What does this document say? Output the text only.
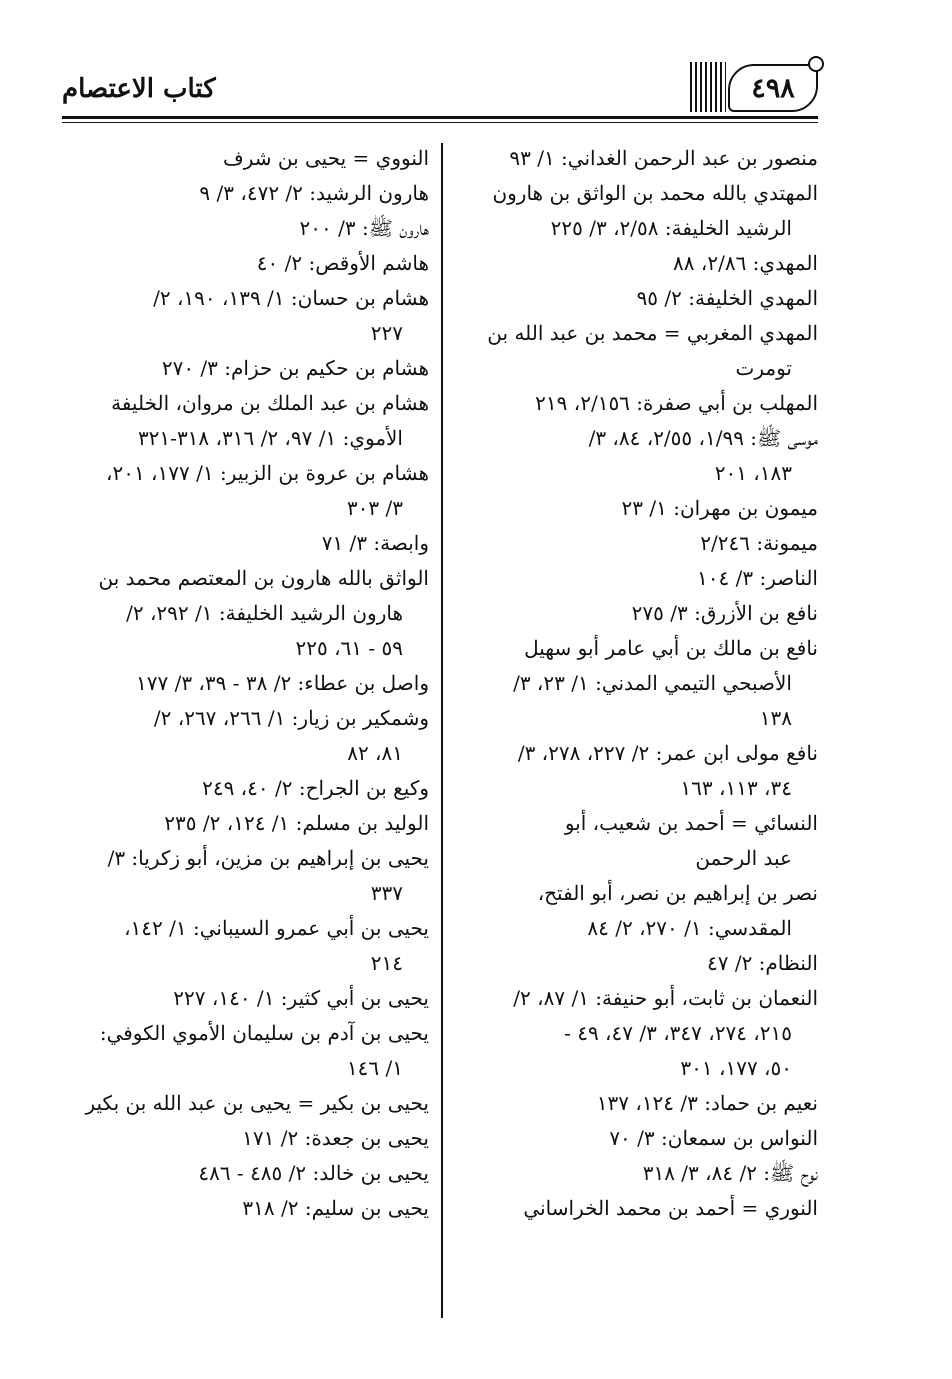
كتاب الاعتصام	٤٩٨
منصور بن عبد الرحمن الغداني: ١/ ٩٣
المهتدي بالله محمد بن الواثق بن هارون
الرشيد الخليفة: ٢/٥٨، ٣/ ٢٢٥
المهدي: ٢/٨٦، ٨٨
المهدي الخليفة: ٢/ ٩٥
المهدي المغربي = محمد بن عبد الله بن
تومرت
المهلب بن أبي صفرة: ٢/١٥٦، ٢١٩
موسى ﷺ: ١/٩٩، ٢/٥٥، ٨٤، ٣/
١٨٣، ٢٠١
ميمون بن مهران: ١/ ٢٣
ميمونة: ٢/٢٤٦
الناصر: ٣/ ١٠٤
نافع بن الأزرق: ٣/ ٢٧٥
نافع بن مالك بن أبي عامر أبو سهيل
الأصبحي التيمي المدني: ١/ ٢٣، ٣/
١٣٨
نافع مولى ابن عمر: ٢/ ٢٢٧، ٢٧٨، ٣/
٣٤، ١١٣، ١٦٣
النسائي = أحمد بن شعيب، أبو
عبد الرحمن
نصر بن إبراهيم بن نصر، أبو الفتح،
المقدسي: ١/ ٢٧٠، ٢/ ٨٤
النظام: ٢/ ٤٧
النعمان بن ثابت، أبو حنيفة: ١/ ٨٧، ٢/
٢١٥، ٢٧٤، ٣٤٧، ٣/ ٤٧، ٤٩ -
٥٠، ١٧٧، ٣٠١
نعيم بن حماد: ٣/ ١٢٤، ١٣٧
النواس بن سمعان: ٣/ ٧٠
نوح ﷺ: ٢/ ٨٤، ٣/ ٣١٨
النوري = أحمد بن محمد الخراساني
النووي = يحيى بن شرف
هارون الرشيد: ٢/ ٤٧٢، ٣/ ٩
هارون ﷺ: ٣/ ٢٠٠
هاشم الأوقص: ٢/ ٤٠
هشام بن حسان: ١/ ١٣٩، ١٩٠، ٢/
٢٢٧
هشام بن حكيم بن حزام: ٣/ ٢٧٠
هشام بن عبد الملك بن مروان، الخليفة
الأموي: ١/ ٩٧، ٢/ ٣١٦، ٣١٨-٣٢١
هشام بن عروة بن الزبير: ١/ ١٧٧، ٢٠١،
٣/ ٣٠٣
وابصة: ٣/ ٧١
الواثق بالله هارون بن المعتصم محمد بن
هارون الرشيد الخليفة: ١/ ٢٩٢، ٢/
٥٩ - ٦١، ٢٢٥
واصل بن عطاء: ٢/ ٣٨ - ٣٩، ٣/ ١٧٧
وشمكير بن زيار: ١/ ٢٦٦، ٢٦٧، ٢/
٨١، ٨٢
وكيع بن الجراح: ٢/ ٤٠، ٢٤٩
الوليد بن مسلم: ١/ ١٢٤، ٢/ ٢٣٥
يحيى بن إبراهيم بن مزين، أبو زكريا: ٣/
٣٣٧
يحيى بن أبي عمرو السيباني: ١/ ١٤٢،
٢١٤
يحيى بن أبي كثير: ١/ ١٤٠، ٢٢٧
يحيى بن آدم بن سليمان الأموي الكوفي:
١/ ١٤٦
يحيى بن بكير = يحيى بن عبد الله بن بكير
يحيى بن جعدة: ٢/ ١٧١
يحيى بن خالد: ٢/ ٤٨٥ - ٤٨٦
يحيى بن سليم: ٢/ ٣١٨
